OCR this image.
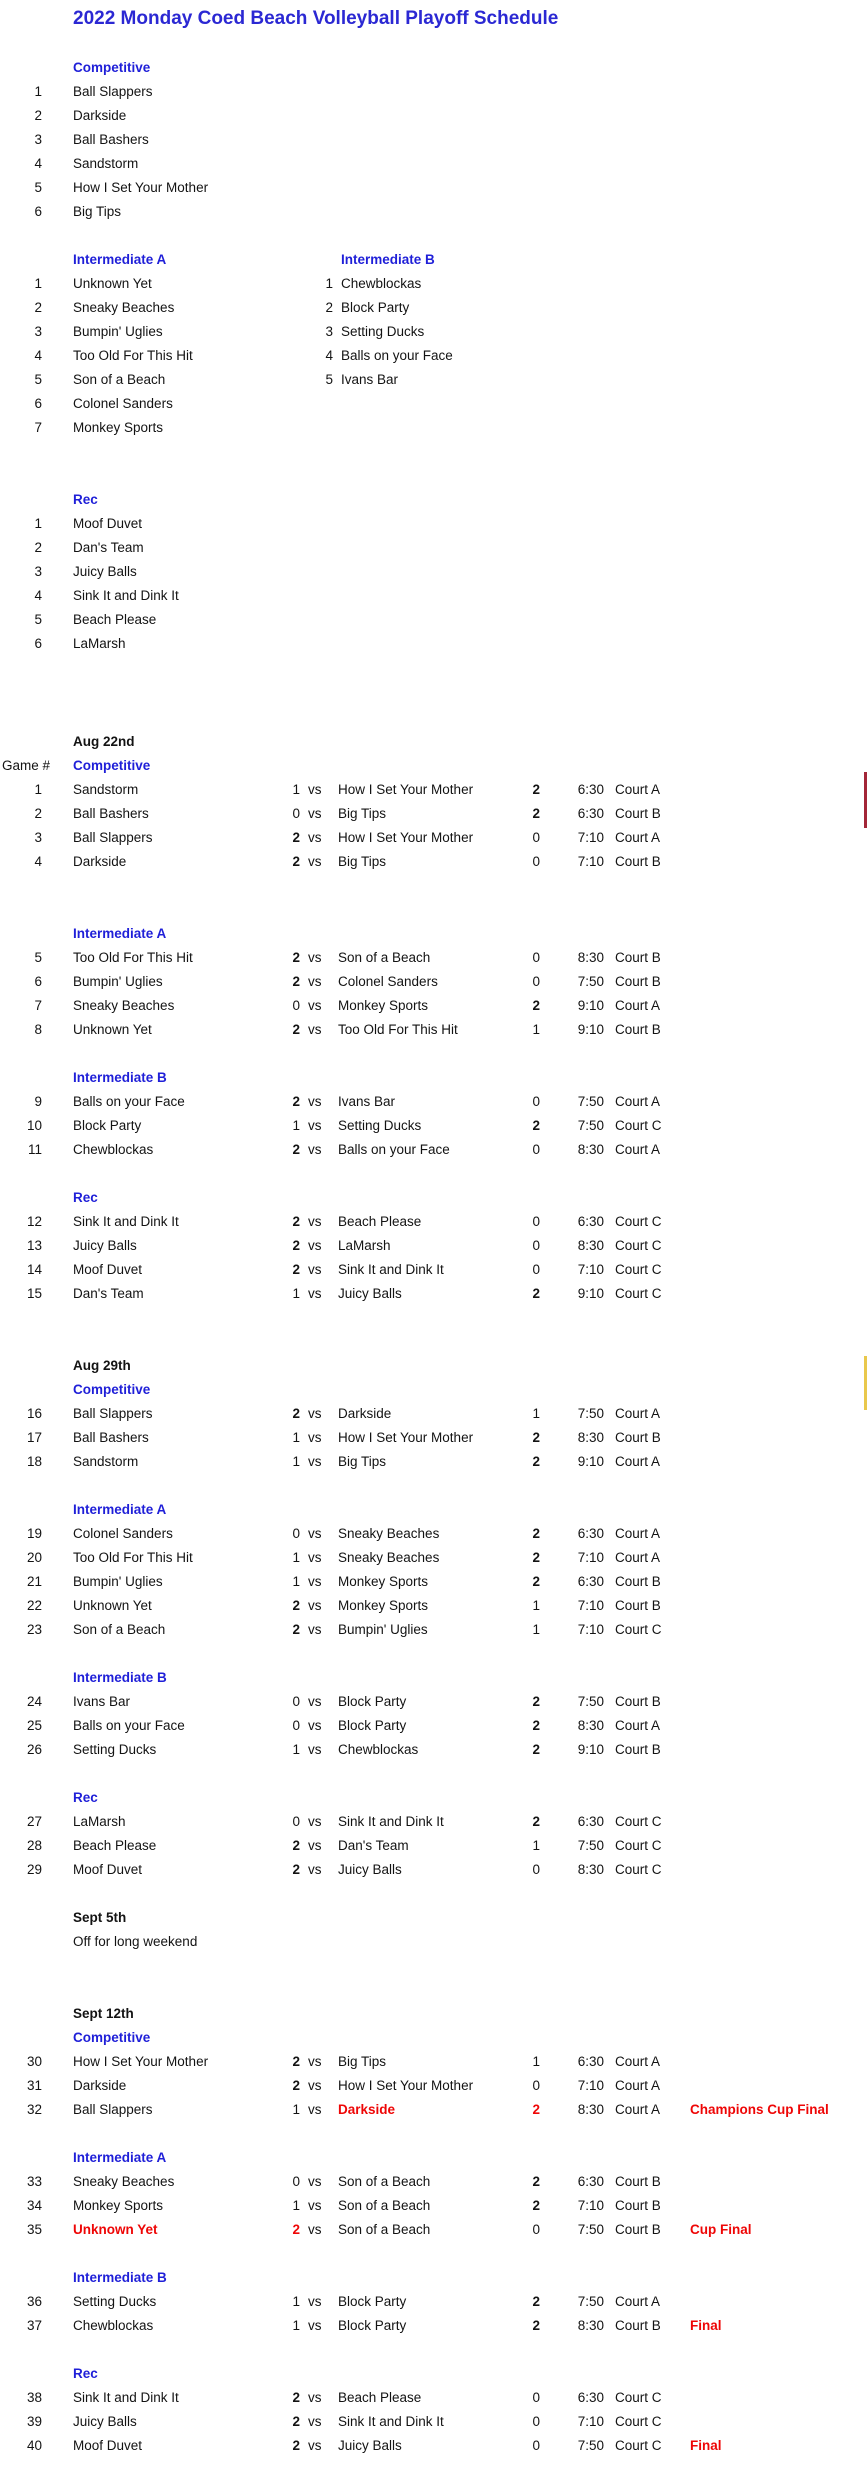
2022 Monday Coed Beach Volleyball Playoff Schedule
Competitive
1 Ball Slappers
2 Darkside
3 Ball Bashers
4 Sandstorm
5 How I Set Your Mother
6 Big Tips
Intermediate A	Intermediate B
1 Unknown Yet	1 Chewblockas
2 Sneaky Beaches	2 Block Party
3 Bumpin' Uglies	3 Setting Ducks
4 Too Old For This Hit	4 Balls on your Face
5 Son of a Beach	5 Ivans Bar
6 Colonel Sanders
7 Monkey Sports
Rec
1 Moof Duvet
2 Dan's Team
3 Juicy Balls
4 Sink It and Dink It
5 Beach Please
6 LaMarsh
Aug 22nd
Game # Competitive
1 Sandstorm	1 vs How I Set Your Mother	2	6:30 Court A
2 Ball Bashers	0 vs Big Tips	2	6:30 Court B
3 Ball Slappers	2 vs How I Set Your Mother	0	7:10 Court A
4 Darkside	2 vs Big Tips	0	7:10 Court B
Intermediate A
5 Too Old For This Hit	2 vs Son of a Beach	0	8:30 Court B
6 Bumpin' Uglies	2 vs Colonel Sanders	0	7:50 Court B
7 Sneaky Beaches	0 vs Monkey Sports	2	9:10 Court A
8 Unknown Yet	2 vs Too Old For This Hit	1	9:10 Court B
Intermediate B
9 Balls on your Face	2 vs Ivans Bar	0	7:50 Court A
10 Block Party	1 vs Setting Ducks	2	7:50 Court C
11 Chewblockas	2 vs Balls on your Face	0	8:30 Court A
Rec
12 Sink It and Dink It	2 vs Beach Please	0	6:30 Court C
13 Juicy Balls	2 vs LaMarsh	0	8:30 Court C
14 Moof Duvet	2 vs Sink It and Dink It	0	7:10 Court C
15 Dan's Team	1 vs Juicy Balls	2	9:10 Court C
Aug 29th
Competitive
16 Ball Slappers	2 vs Darkside	1	7:50 Court A
17 Ball Bashers	1 vs How I Set Your Mother	2	8:30 Court B
18 Sandstorm	1 vs Big Tips	2	9:10 Court A
Intermediate A
19 Colonel Sanders	0 vs Sneaky Beaches	2	6:30 Court A
20 Too Old For This Hit	1 vs Sneaky Beaches	2	7:10 Court A
21 Bumpin' Uglies	1 vs Monkey Sports	2	6:30 Court B
22 Unknown Yet	2 vs Monkey Sports	1	7:10 Court B
23 Son of a Beach	2 vs Bumpin' Uglies	1	7:10 Court C
Intermediate B
24 Ivans Bar	0 vs Block Party	2	7:50 Court B
25 Balls on your Face	0 vs Block Party	2	8:30 Court A
26 Setting Ducks	1 vs Chewblockas	2	9:10 Court B
Rec
27 LaMarsh	0 vs Sink It and Dink It	2	6:30 Court C
28 Beach Please	2 vs Dan's Team	1	7:50 Court C
29 Moof Duvet	2 vs Juicy Balls	0	8:30 Court C
Sept 5th
Off for long weekend
Sept 12th
Competitive
30 How I Set Your Mother	2 vs Big Tips	1	6:30 Court A
31 Darkside	2 vs How I Set Your Mother	0	7:10 Court A
32 Ball Slappers	1 vs Darkside	2	8:30 Court A Champions Cup Final
Intermediate A
33 Sneaky Beaches	0 vs Son of a Beach	2	6:30 Court B
34 Monkey Sports	1 vs Son of a Beach	2	7:10 Court B
35 Unknown Yet	2 vs Son of a Beach	0	7:50 Court B Cup Final
Intermediate B
36 Setting Ducks	1 vs Block Party	2	7:50 Court A
37 Chewblockas	1 vs Block Party	2	8:30 Court B Final
Rec
38 Sink It and Dink It	2 vs Beach Please	0	6:30 Court C
39 Juicy Balls	2 vs Sink It and Dink It	0	7:10 Court C
40 Moof Duvet	2 vs Juicy Balls	0	7:50 Court C Final
